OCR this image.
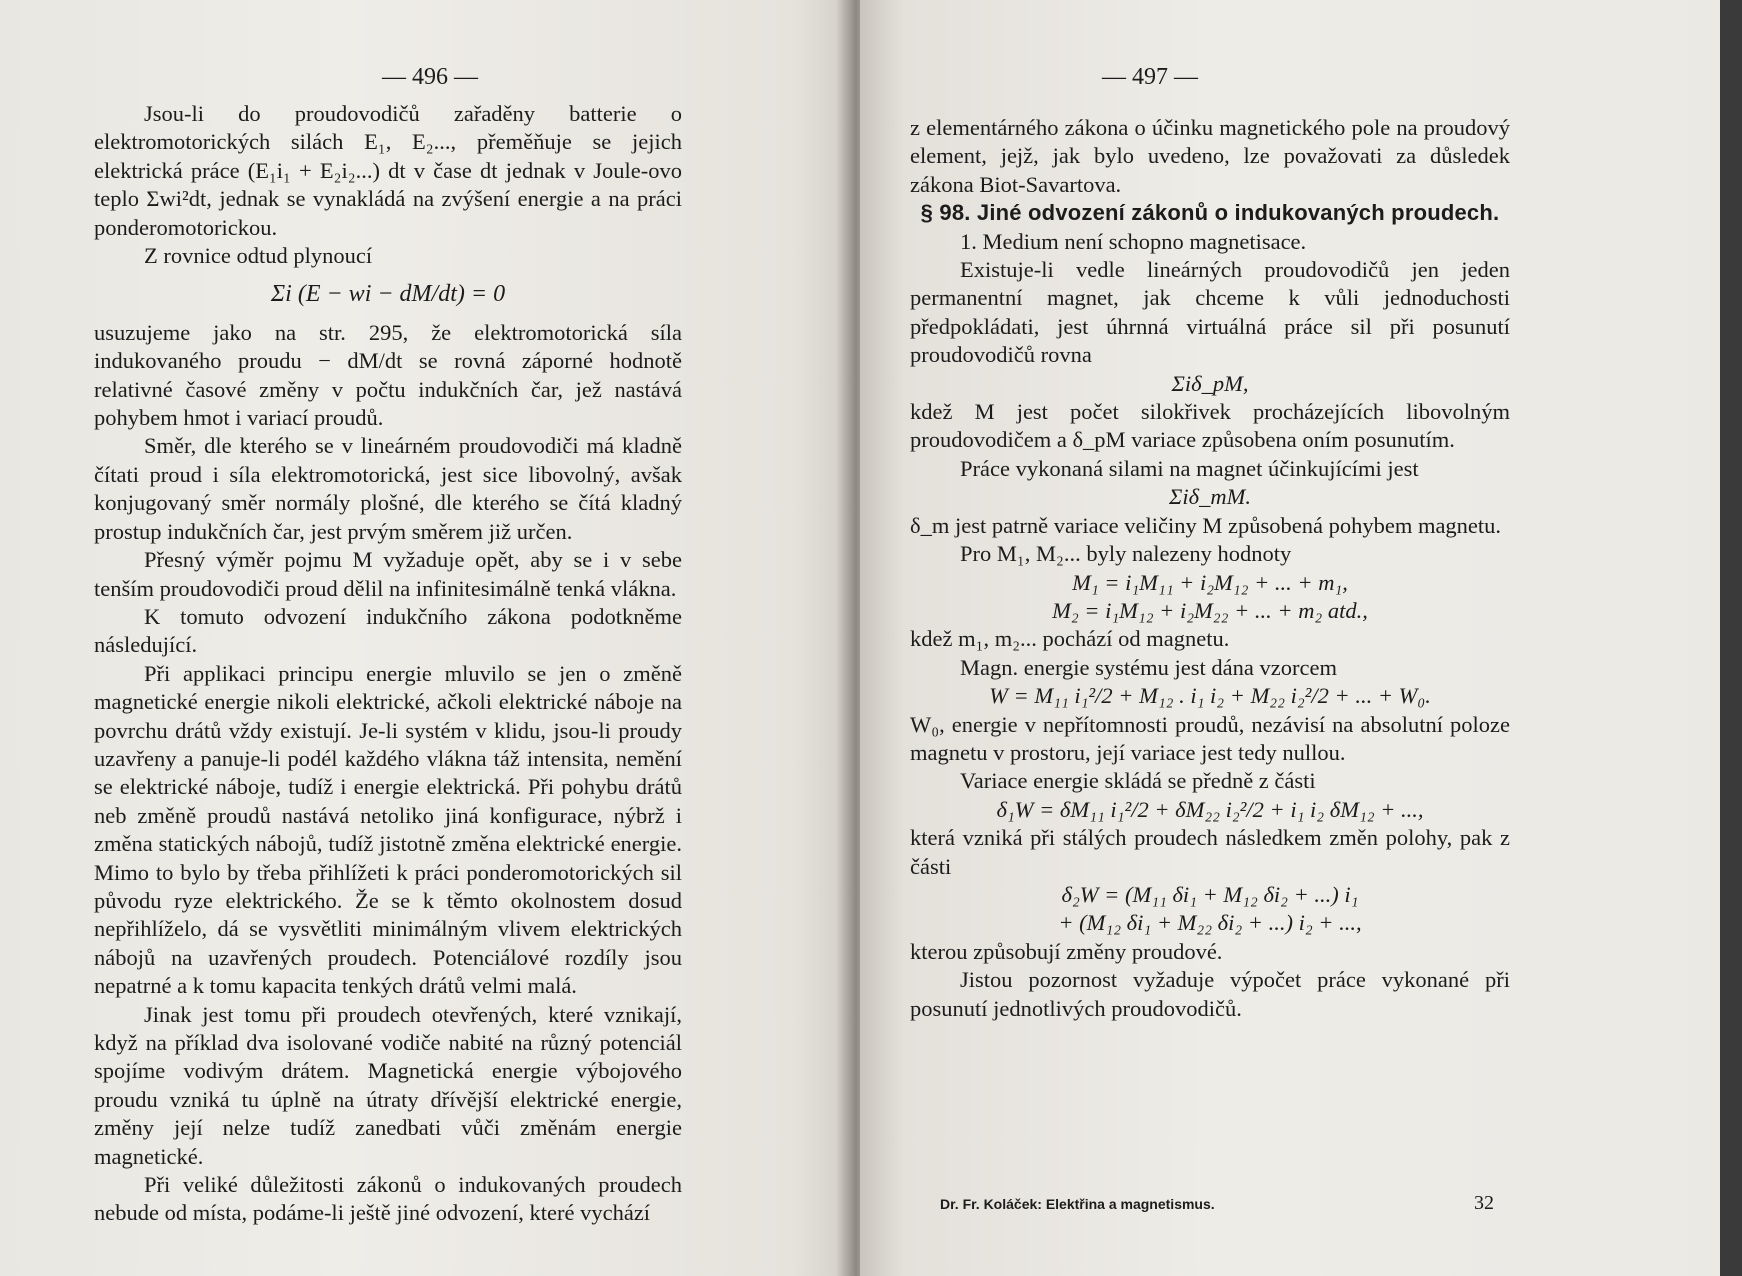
— 496 —

Jsou-li do proudovodičů zařaděny batterie o elektromotorických silách E₁, E₂..., přeměňuje se jejich elektrická práce (E₁i₁ + E₂i₂...) dt v čase dt jednak v Joule-ovo teplo Σwi²dt, jednak se vynakládá na zvýšení energie a na práci ponderomotorickou.

Z rovnice odtud plynoucí

Σi (E − wi − dM/dt) = 0

usuzujeme jako na str. 295, že elektromotorická síla indukovaného proudu − dM/dt se rovná záporné hodnotě relativné časové změny v počtu indukčních čar, jež nastává pohybem hmot i variací proudů.

Směr, dle kterého se v lineárném proudovodiči má kladně čítati proud i síla elektromotorická, jest sice libovolný, avšak konjugovaný směr normály plošné, dle kterého se čítá kladný prostup indukčních čar, jest prvým směrem již určen.

Přesný výměr pojmu M vyžaduje opět, aby se i v sebe tenším proudovodiči proud dělil na infinitesimálně tenká vlákna.

K tomuto odvození indukčního zákona podotkněme následující.

Při applikaci principu energie mluvilo se jen o změně magnetické energie nikoli elektrické, ačkoli elektrické náboje na povrchu drátů vždy existují. Je-li systém v klidu, jsou-li proudy uzavřeny a panuje-li podél každého vlákna táž intensita, nemění se elektrické náboje, tudíž i energie elektrická. Při pohybu drátů neb změně proudů nastává netoliko jiná konfigurace, nýbrž i změna statických nábojů, tudíž jistotně změna elektrické energie. Mimo to bylo by třeba přihlížeti k práci ponderomotorických sil původu ryze elektrického. Že se k těmto okolnostem dosud nepřihlíželo, dá se vysvětliti minimálným vlivem elektrických nábojů na uzavřených proudech. Potenciálové rozdíly jsou nepatrné a k tomu kapacita tenkých drátů velmi malá.

Jinak jest tomu při proudech otevřených, které vznikají, když na příklad dva isolované vodiče nabité na různý potenciál spojíme vodivým drátem. Magnetická energie výbojového proudu vzniká tu úplně na útraty dřívější elektrické energie, změny její nelze tudíž zanedbati vůči změnám energie magnetické.

Při veliké důležitosti zákonů o indukovaných proudech nebude od místa, podáme-li ještě jiné odvození, které vychází

— 497 —

z elementárného zákona o účinku magnetického pole na proudový element, jejž, jak bylo uvedeno, lze považovati za důsledek zákona Biot-Savartova.

§ 98. Jiné odvození zákonů o indukovaných proudech.

1. Medium není schopno magnetisace.

Existuje-li vedle lineárných proudovodičů jen jeden permanentní magnet, jak chceme k vůli jednoduchosti předpokládati, jest úhrnná virtuálná práce sil při posunutí proudovodičů rovna

Σiδ_pM,

kdež M jest počet silokřivek procházejících libovolným proudovodičem a δ_pM variace způsobena oním posunutím.

Práce vykonaná silami na magnet účinkujícími jest

Σiδ_mM.

δ_m jest patrně variace veličiny M způsobená pohybem magnetu.

Pro M₁, M₂... byly nalezeny hodnoty

M₁ = i₁M₁₁ + i₂M₁₂ + ... + m₁,

M₂ = i₁M₁₂ + i₂M₂₂ + ... + m₂ atd.,

kdež m₁, m₂... pochází od magnetu.

Magn. energie systému jest dána vzorcem

W = M₁₁ i₁²/2 + M₁₂ . i₁ i₂ + M₂₂ i₂²/2 + ... + W₀.

W₀, energie v nepřítomnosti proudů, nezávisí na absolutní poloze magnetu v prostoru, její variace jest tedy nullou.

Variace energie skládá se předně z části

δ₁W = δM₁₁ i₁²/2 + δM₂₂ i₂²/2 + i₁ i₂ δM₁₂ + ...,

která vzniká při stálých proudech následkem změn polohy, pak z části

δ₂W = (M₁₁ δi₁ + M₁₂ δi₂ + ...) i₁

+ (M₁₂ δi₁ + M₂₂ δi₂ + ...) i₂ + ...,

kterou způsobují změny proudové.

Jistou pozornost vyžaduje výpočet práce vykonané při posunutí jednotlivých proudovodičů.

Dr. Fr. Koláček: Elektřina a magnetismus.	32
